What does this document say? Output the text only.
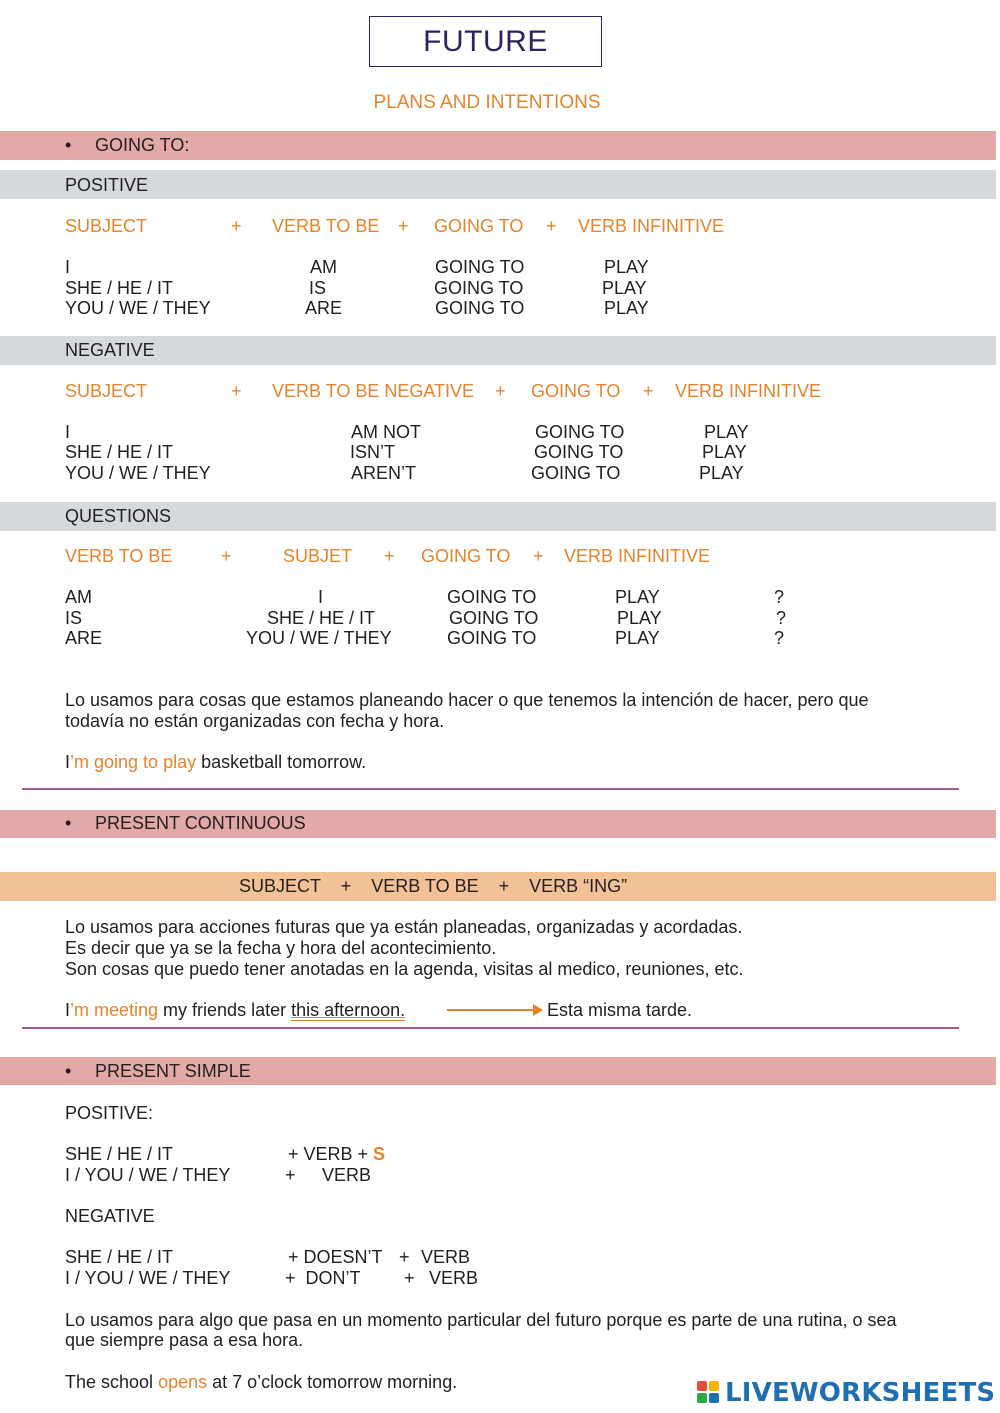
FUTURE
PLANS AND INTENTIONS
• GOING TO:
POSITIVE
SUBJECT	+ VERB TO BE + GOING TO + VERB INFINITIVE
I	AM	GOING TO	PLAY
SHE / HE / IT	IS	GOING TO	PLAY
YOU / WE / THEY	ARE	GOING TO	PLAY
NEGATIVE
SUBJECT	+ VERB TO BE NEGATIVE + GOING TO + VERB INFINITIVE
I	AM NOT	GOING TO	PLAY
SHE / HE / IT	ISN’T	GOING TO	PLAY
YOU / WE / THEY	AREN’T	GOING TO	PLAY
QUESTIONS
VERB TO BE	+	SUBJET + GOING TO + VERB INFINITIVE
AM	I	GOING TO	PLAY	?
IS	SHE / HE / IT	GOING TO	PLAY	?
ARE	YOU / WE / THEY	GOING TO	PLAY	?
Lo usamos para cosas que estamos planeando hacer o que tenemos la intención de hacer, pero que
todavía no están organizadas con fecha y hora.
I’m going to play basketball tomorrow.
• PRESENT CONTINUOUS
SUBJECT    +    VERB TO BE    +    VERB “ING”
Lo usamos para acciones futuras que ya están planeadas, organizadas y acordadas.
Es decir que ya se la fecha y hora del acontecimiento.
Son cosas que puedo tener anotadas en la agenda, visitas al medico, reuniones, etc.
I’m meeting my friends later this afternoon.	Esta misma tarde.
• PRESENT SIMPLE
POSITIVE:
SHE / HE / IT	+ VERB + S
I / YOU / WE / THEY	+ VERB
NEGATIVE
SHE / HE / IT	+ DOESN’T + VERB
I / YOU / WE / THEY	+  DON’T + VERB
Lo usamos para algo que pasa en un momento particular del futuro porque es parte de una rutina, o sea
que siempre pasa a esa hora.
The school opens at 7 o’clock tomorrow morning.	LIVEWORKSHEETS
